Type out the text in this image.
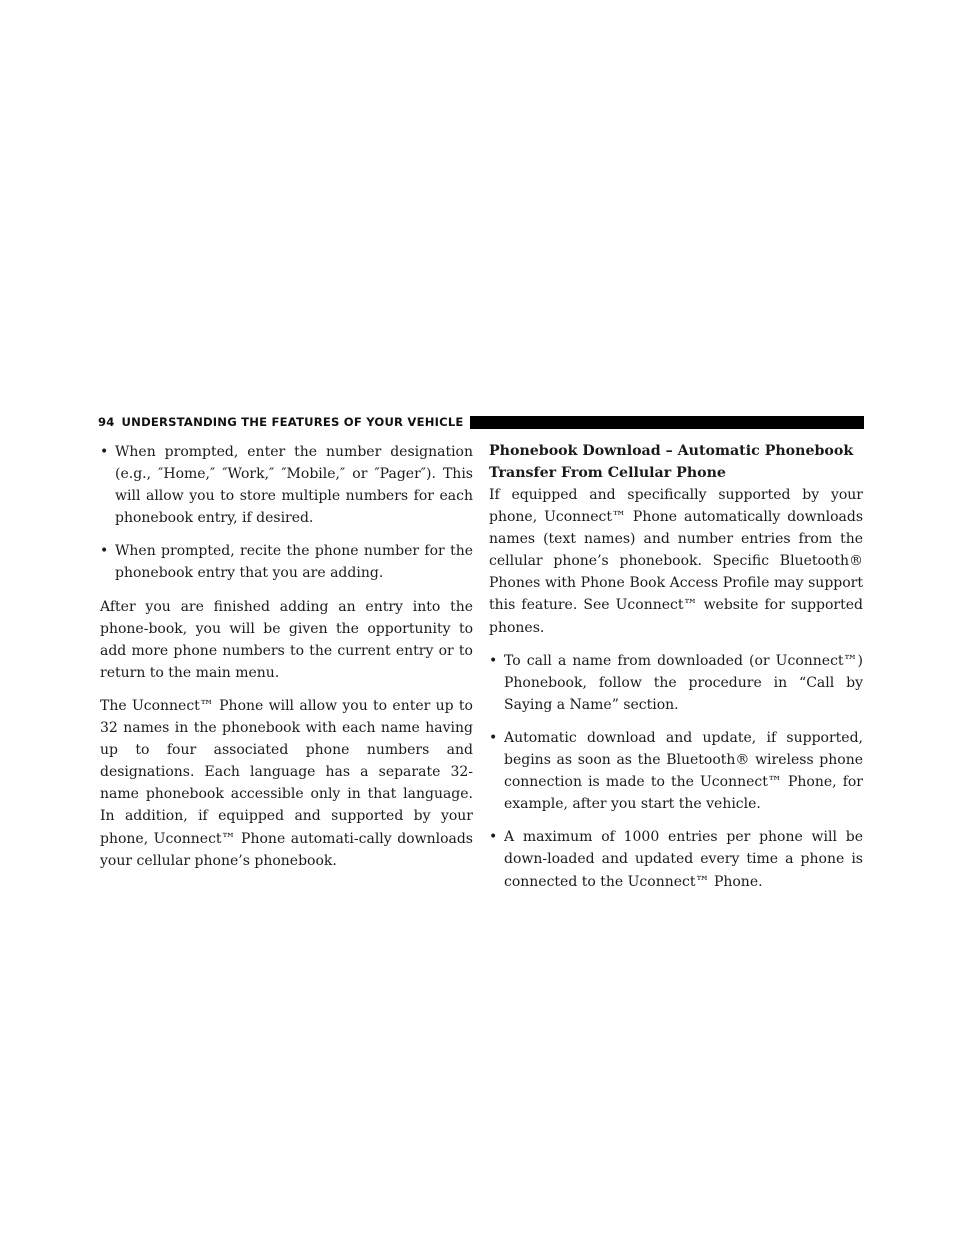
94 UNDERSTANDING THE FEATURES OF YOUR VEHICLE
• When prompted, enter the number designation (e.g., ″Home,″ ″Work,″ ″Mobile,″ or ″Pager″). This will allow you to store multiple numbers for each phonebook entry, if desired.
• When prompted, recite the phone number for the phonebook entry that you are adding.

After you are finished adding an entry into the phone-book, you will be given the opportunity to add more phone numbers to the current entry or to return to the main menu.

The Uconnect™ Phone will allow you to enter up to 32 names in the phonebook with each name having up to four associated phone numbers and designations. Each language has a separate 32-name phonebook accessible only in that language. In addition, if equipped and supported by your phone, Uconnect™ Phone automati-cally downloads your cellular phone’s phonebook.

Phonebook Download – Automatic Phonebook Transfer From Cellular Phone

If equipped and specifically supported by your phone, Uconnect™ Phone automatically downloads names (text names) and number entries from the cellular phone’s phonebook. Specific Bluetooth® Phones with Phone Book Access Profile may support this feature. See Uconnect™ website for supported phones.

• To call a name from downloaded (or Uconnect™) Phonebook, follow the procedure in “Call by Saying a Name” section.
• Automatic download and update, if supported, begins as soon as the Bluetooth® wireless phone connection is made to the Uconnect™ Phone, for example, after you start the vehicle.
• A maximum of 1000 entries per phone will be down-loaded and updated every time a phone is connected to the Uconnect™ Phone.
